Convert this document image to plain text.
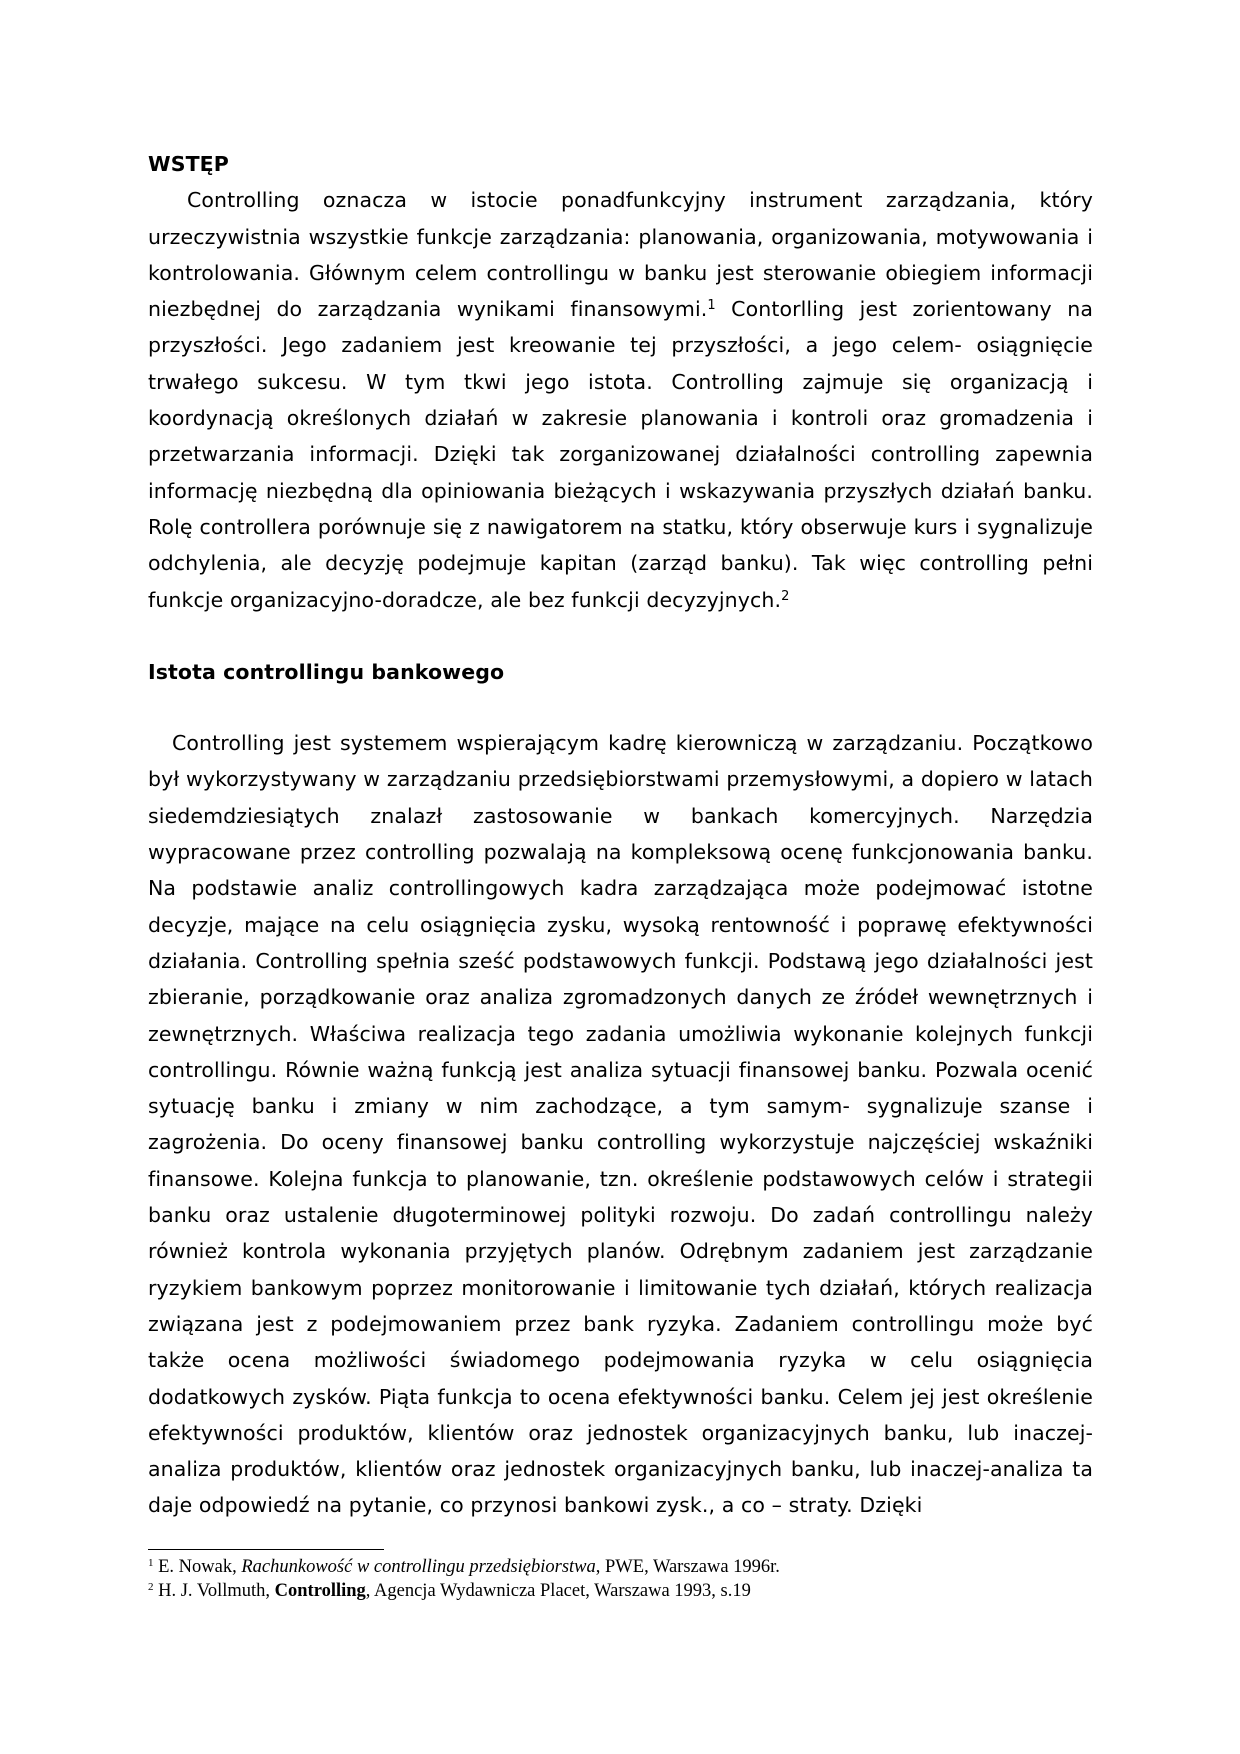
WSTĘP

Controlling oznacza w istocie ponadfunkcyjny instrument zarządzania, który urzeczywistnia wszystkie funkcje zarządzania: planowania, organizowania, motywowania i kontrolowania. Głównym celem controllingu w banku jest sterowanie obiegiem informacji niezbędnej do zarządzania wynikami finansowymi.$^1$ Contorlling jest zorientowany na przyszłości. Jego zadaniem jest kreowanie tej przyszłości, a jego celem- osiągnięcie trwałego sukcesu. W tym tkwi jego istota. Controlling zajmuje się organizacją i koordynacją określonych działań w zakresie planowania i kontroli oraz gromadzenia i przetwarzania informacji. Dzięki tak zorganizowanej działalności controlling zapewnia informację niezbędną dla opiniowania bieżących i wskazywania przyszłych działań banku. Rolę controllera porównuje się z nawigatorem na statku, który obserwuje kurs i sygnalizuje odchylenia, ale decyzję podejmuje kapitan (zarząd banku). Tak więc controlling pełni funkcje organizacyjno-doradcze, ale bez funkcji decyzyjnych.$^2$

Istota controllingu bankowego

Controlling jest systemem wspierającym kadrę kierowniczą w zarządzaniu. Początkowo był wykorzystywany w zarządzaniu przedsiębiorstwami przemysłowymi, a dopiero w latach siedemdziesiątych znalazł zastosowanie w bankach komercyjnych. Narzędzia wypracowane przez controlling pozwalają na kompleksową ocenę funkcjonowania banku. Na podstawie analiz controllingowych kadra zarządzająca może podejmować istotne decyzje, mające na celu osiągnięcia zysku, wysoką rentowność i poprawę efektywności działania. Controlling spełnia sześć podstawowych funkcji. Podstawą jego działalności jest zbieranie, porządkowanie oraz analiza zgromadzonych danych ze źródeł wewnętrznych i zewnętrznych. Właściwa realizacja tego zadania umożliwia wykonanie kolejnych funkcji controllingu. Równie ważną funkcją jest analiza sytuacji finansowej banku. Pozwala ocenić sytuację banku i zmiany w nim zachodzące, a tym samym- sygnalizuje szanse i zagrożenia. Do oceny finansowej banku controlling wykorzystuje najczęściej wskaźniki finansowe. Kolejna funkcja to planowanie, tzn. określenie podstawowych celów i strategii banku oraz ustalenie długoterminowej polityki rozwoju. Do zadań controllingu należy również kontrola wykonania przyjętych planów. Odrębnym zadaniem jest zarządzanie ryzykiem bankowym poprzez monitorowanie i limitowanie tych działań, których realizacja związana jest z podejmowaniem przez bank ryzyka. Zadaniem controllingu może być także ocena możliwości świadomego podejmowania ryzyka w celu osiągnięcia dodatkowych zysków. Piąta funkcja to ocena efektywności banku. Celem jej jest określenie efektywności produktów, klientów oraz jednostek organizacyjnych banku, lub inaczej-analiza produktów, klientów oraz jednostek organizacyjnych banku, lub inaczej-analiza ta daje odpowiedź na pytanie, co przynosi bankowi zysk., a co – straty. Dzięki

$^1$ E. Nowak, Rachunkowość w controllingu przedsiębiorstwa, PWE, Warszawa 1996r.

$^2$ H. J. Vollmuth, Controlling, Agencja Wydawnicza Placet, Warszawa 1993, s.19
